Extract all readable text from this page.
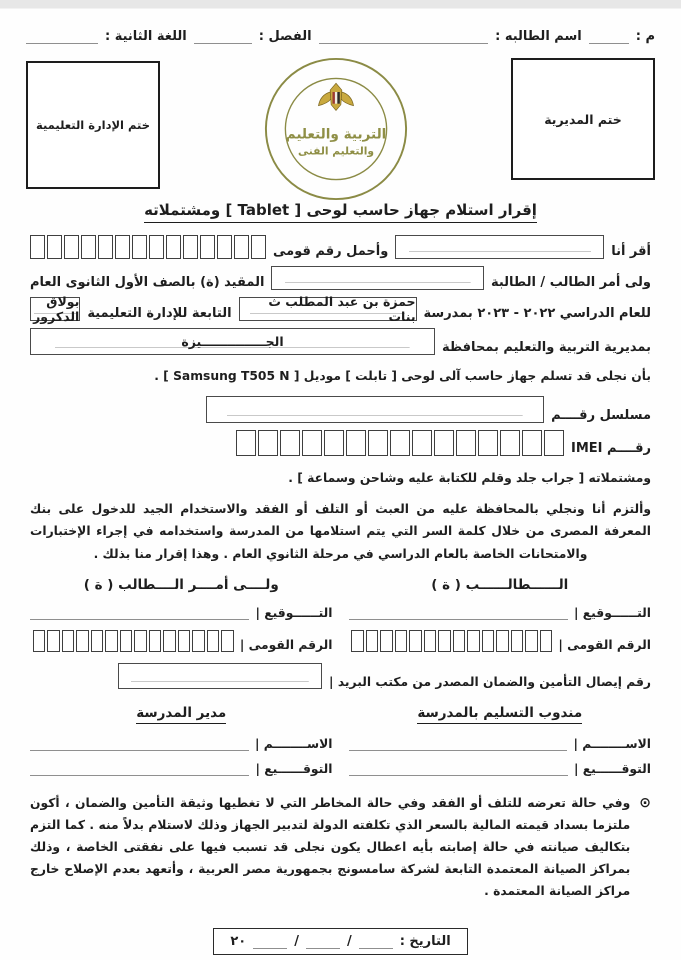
م :
اسم الطالبه :
الفصل :
اللغة الثانية :
ختم المديرية
التربية والتعليم
والتعليم الفنى
ختم الإدارة التعليمية
إقرار استلام جهاز حاسب لوحى [ Tablet ] ومشتملاته
أقر أنا
وأحمل رقم قومى
ولى أمر الطالب / الطالبة
المقيد (ة) بالصف الأول الثانوى العام
للعام الدراسي ٢٠٢٢ - ٢٠٢٣ بمدرسة
حمزة بن عبد المطلب ث بنات
التابعة للإدارة التعليمية
بولاق الدكرور
بمديرية التربية والتعليم بمحافظة
الجـــــــــــــــيزة
بأن نجلى قد تسلم جهاز حاسب آلى لوحى [ تابلت ] موديل [ Samsung T505 N ] .
مسلسل رقــــم
رقــــم IMEI
ومشتملاته [ جراب جلد وقلم للكتابة عليه وشاحن وسماعة ] .
وألتزم أنا ونجلي بالمحافظة عليه من العبث أو التلف أو الفقد والاستخدام الجيد للدخول على بنك المعرفة المصرى من خلال كلمة السر التي يتم استلامها من المدرسة واستخدامه في إجراء الإختبارات والامتحانات الخاصة بالعام الدراسي في مرحلة الثانوي العام . وهذا إقرار منا بذلك .
الــــــطالــــــب ( ة )
ولــــى أمــــر الــــطالب ( ة )
التــــــوقيع |
التــــــوقيع |
الرقم القومى |
الرقم القومى |
رقم إيصال التأمين والضمان المصدر من مكتب البريد |
مندوب التسليم بالمدرسة
مدير المدرسة
الاســــــــم |
الاســــــــم |
التوقــــــيع |
التوقــــــيع |
⊙
وفي حالة تعرضه للتلف أو الفقد وفي حالة المخاطر التي لا تغطيها وثيقة التأمين والضمان ، أكون ملتزما بسداد قيمته المالية بالسعر الذي تكلفته الدولة لتدبير الجهاز وذلك لاستلام بدلاً منه . كما التزم بتكاليف صيانته في حالة إصابته بأيه اعطال يكون نجلى قد تسبب فيها على نفقتى الخاصة ، وذلك بمراكز الصيانة المعتمدة التابعة لشركة سامسونج بجمهورية مصر العربية ، وأتعهد بعدم الإصلاح خارج مراكز الصيانة المعتمدة .
التاريخ :
/
/
٢٠
